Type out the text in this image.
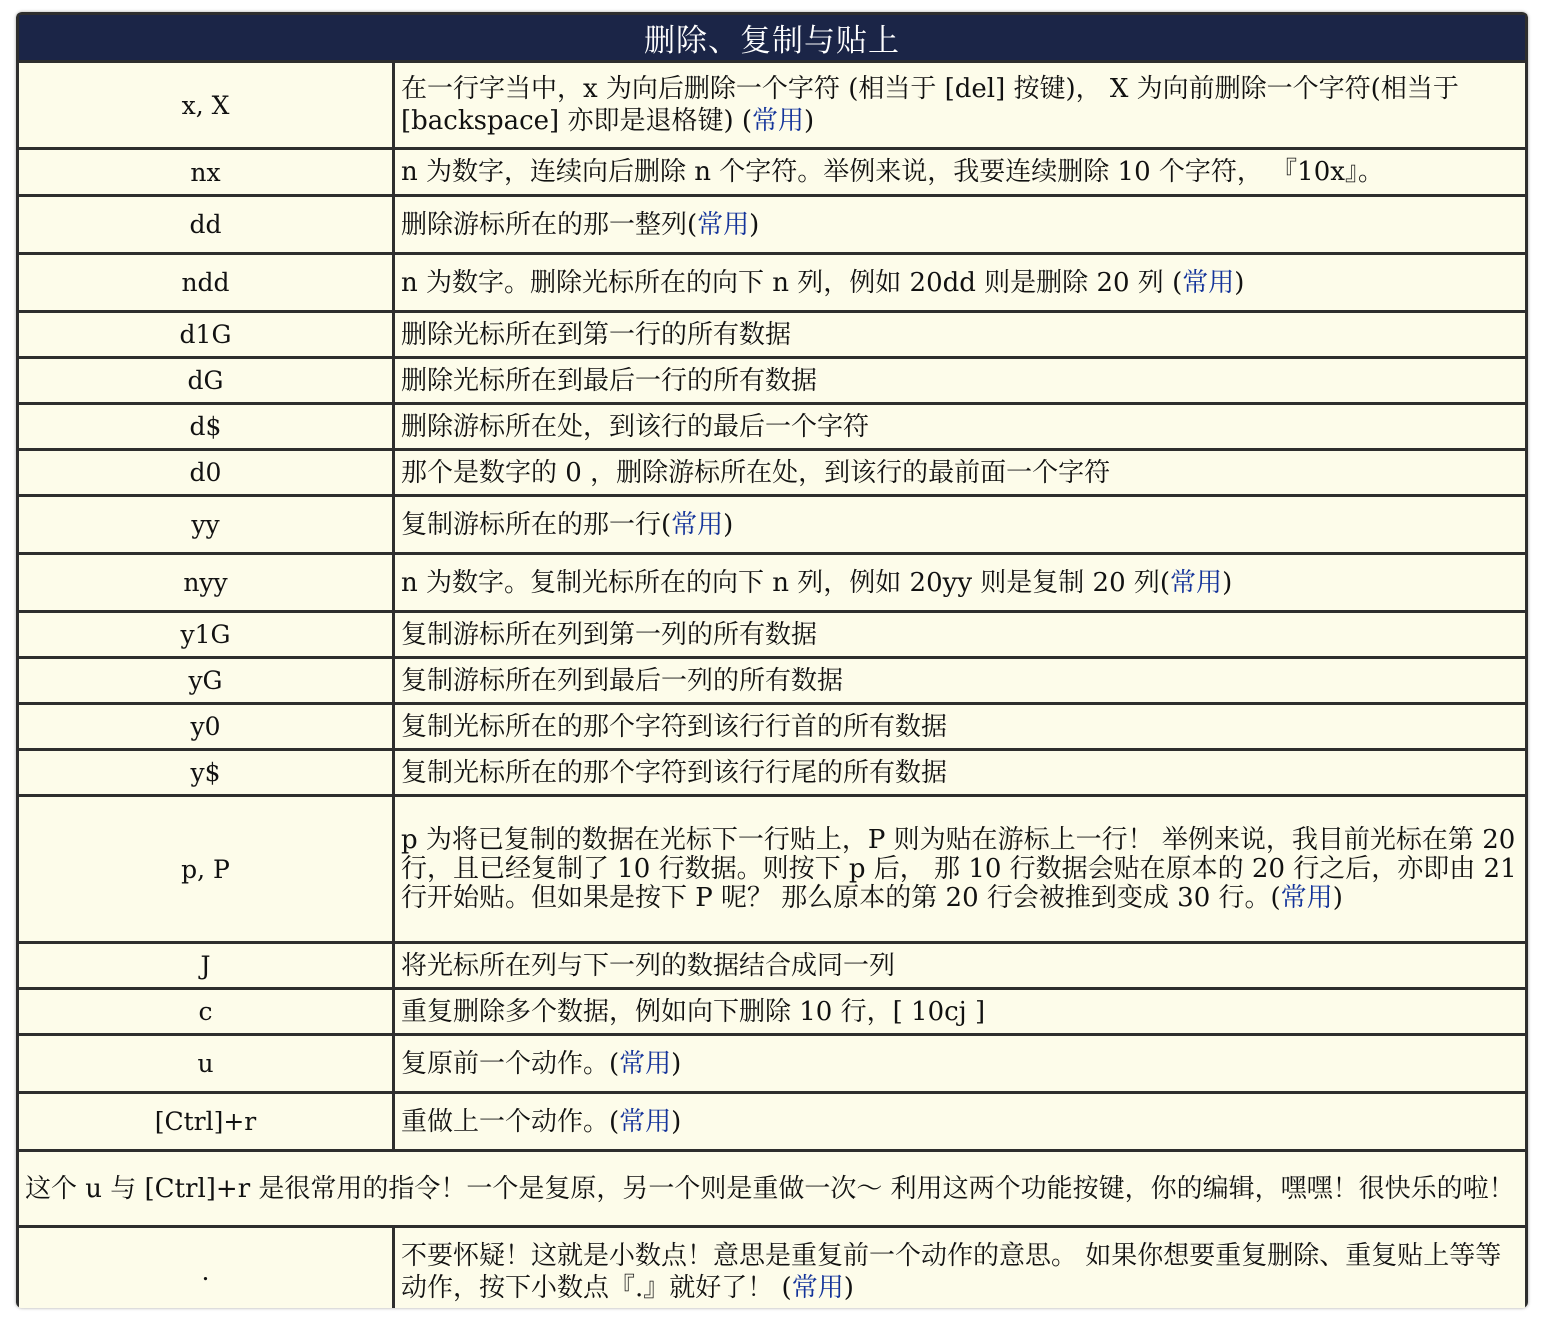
删除、复制与贴上	
x, X	在一行字当中，x 为向后删除一个字符 (相当于 [del] 按键)， X 为向前删除一个字符(相当于 [backspace] 亦即是退格键) (常用)
nx	n 为数字，连续向后删除 n 个字符。举例来说，我要连续删除 10 个字符， 『10x』。
dd	删除游标所在的那一整列(常用)
ndd	n 为数字。删除光标所在的向下 n 列，例如 20dd 则是删除 20 列 (常用)
d1G	删除光标所在到第一行的所有数据
dG	删除光标所在到最后一行的所有数据
d$	删除游标所在处，到该行的最后一个字符
d0	那个是数字的 0 ，删除游标所在处，到该行的最前面一个字符
yy	复制游标所在的那一行(常用)
nyy	n 为数字。复制光标所在的向下 n 列，例如 20yy 则是复制 20 列(常用)
y1G	复制游标所在列到第一列的所有数据
yG	复制游标所在列到最后一列的所有数据
y0	复制光标所在的那个字符到该行行首的所有数据
y$	复制光标所在的那个字符到该行行尾的所有数据
p, P	p 为将已复制的数据在光标下一行贴上，P 则为贴在游标上一行！ 举例来说，我目前光标在第 20 行，且已经复制了 10 行数据。则按下 p 后， 那 10 行数据会贴在原本的 20 行之后，亦即由 21 行开始贴。但如果是按下 P 呢？ 那么原本的第 20 行会被推到变成 30 行。(常用)
J	将光标所在列与下一列的数据结合成同一列
c	重复删除多个数据，例如向下删除 10 行，[ 10cj ]
u	复原前一个动作。(常用)
[Ctrl]+r	重做上一个动作。(常用)
这个 u 与 [Ctrl]+r 是很常用的指令！一个是复原，另一个则是重做一次～ 利用这两个功能按键，你的编辑，嘿嘿！很快乐的啦！	
.	不要怀疑！这就是小数点！意思是重复前一个动作的意思。 如果你想要重复删除、重复贴上等等动作，按下小数点『.』就好了！ (常用)
